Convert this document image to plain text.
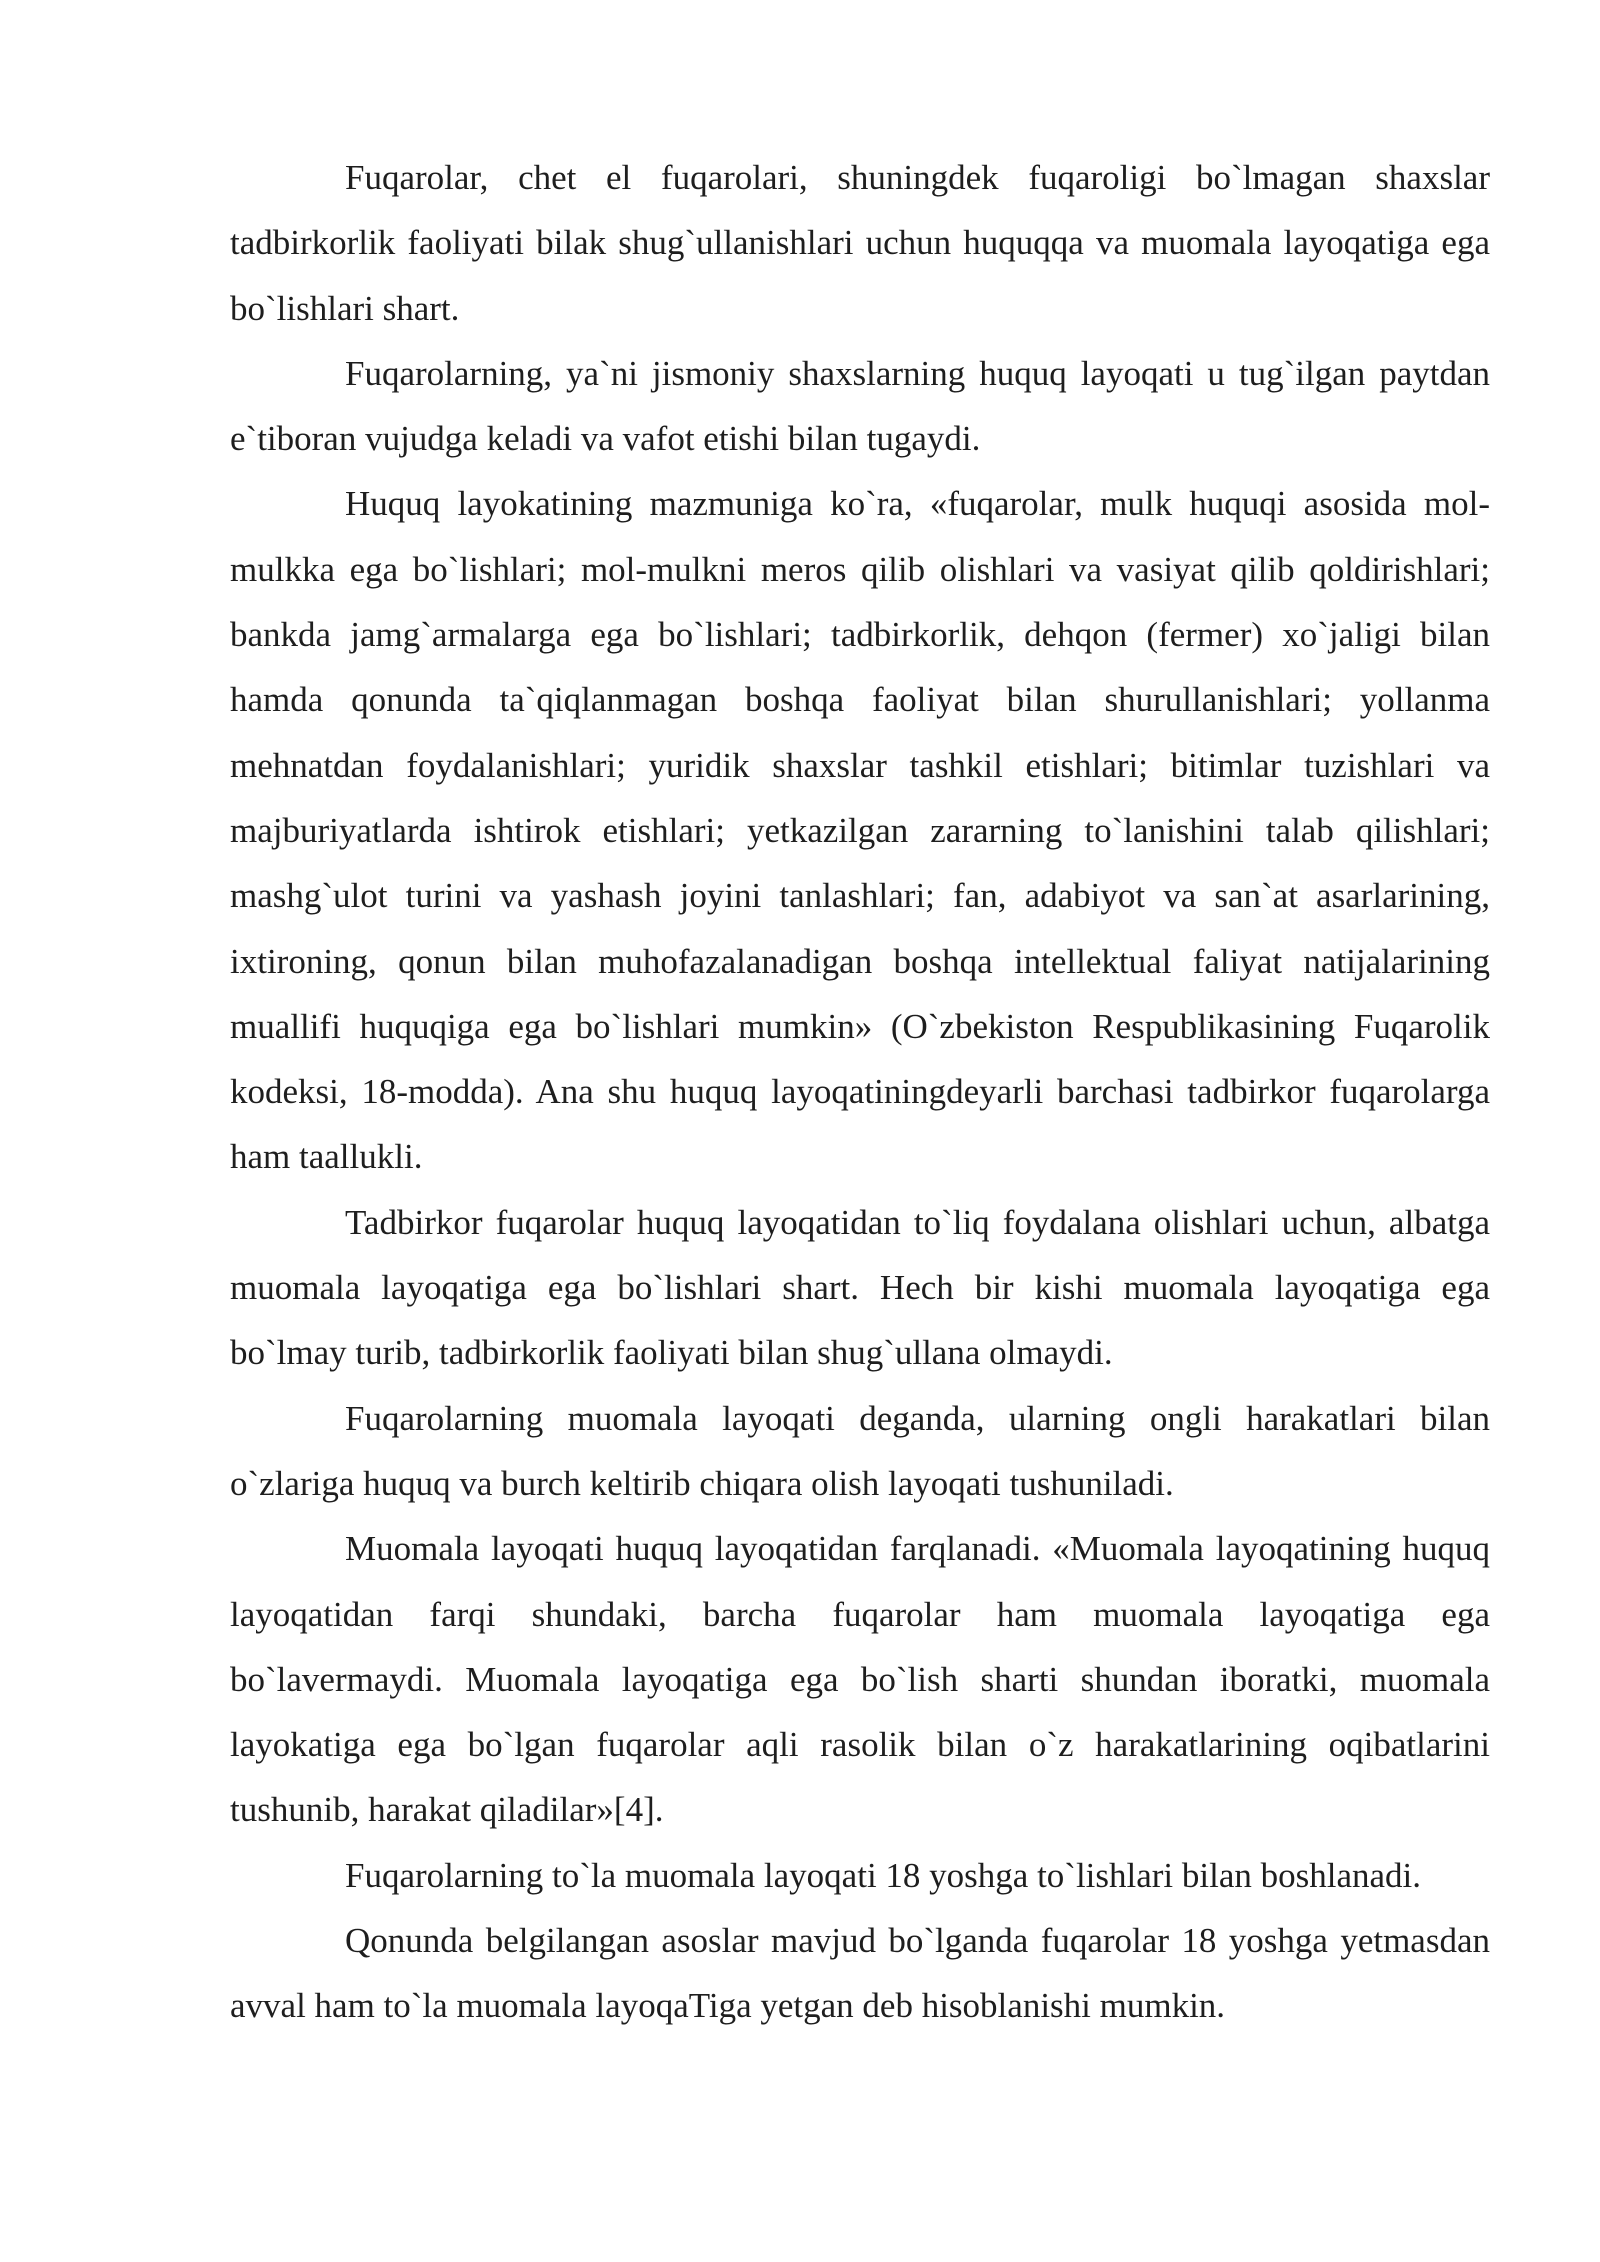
Fuqarolar, chet el fuqarolari, shuningdek fuqaroligi bo`lmagan shaxslar tadbirkorlik faoliyati bilak shug`ullanishlari uchun huquqqa va muomala layoqatiga ega bo`lishlari shart.

Fuqarolarning, ya`ni jismoniy shaxslarning huquq layoqati u tug`ilgan paytdan e`tiboran vujudga keladi va vafot etishi bilan tugaydi.

Huquq layokatining mazmuniga ko`ra, «fuqarolar, mulk huquqi asosida mol-mulkka ega bo`lishlari; mol-mulkni meros qilib olishlari va vasiyat qilib qoldirishlari; bankda jamg`armalarga ega bo`lishlari; tadbirkorlik, dehqon (fermer) xo`jaligi bilan hamda qonunda ta`qiqlanmagan boshqa faoliyat bilan shurullanishlari; yollanma mehnatdan foydalanishlari; yuridik shaxslar tashkil etishlari; bitimlar tuzishlari va majburiyatlarda ishtirok etishlari; yetkazilgan zararning to`lanishini talab qilishlari; mashg`ulot turini va yashash joyini tanlashlari; fan, adabiyot va san`at asarlarining, ixtironing, qonun bilan muhofazalanadigan boshqa intellektual faliyat natijalarining muallifi huquqiga ega bo`lishlari mumkin» (O`zbekiston Respublikasining Fuqarolik kodeksi, 18-modda). Ana shu huquq layoqatiningdeyarli barchasi tadbirkor fuqarolarga ham taallukli.

Tadbirkor fuqarolar huquq layoqatidan to`liq foydalana olishlari uchun, albatga muomala layoqatiga ega bo`lishlari shart. Hech bir kishi muomala layoqatiga ega bo`lmay turib, tadbirkorlik faoliyati bilan shug`ullana olmaydi.

Fuqarolarning muomala layoqati deganda, ularning ongli harakatlari bilan o`zlariga huquq va burch keltirib chiqara olish layoqati tushuniladi.

Muomala layoqati huquq layoqatidan farqlanadi. «Muomala layoqatining huquq layoqatidan farqi shundaki, barcha fuqarolar ham muomala layoqatiga ega bo`lavermaydi. Muomala layoqatiga ega bo`lish sharti shundan iboratki, muomala layokatiga ega bo`lgan fuqarolar aqli rasolik bilan o`z harakatlarining oqibatlarini tushunib, harakat qiladilar»[4].

Fuqarolarning to`la muomala layoqati 18 yoshga to`lishlari bilan boshlanadi.

Qonunda belgilangan asoslar mavjud bo`lganda fuqarolar 18 yoshga yetmasdan avval ham to`la muomala layoqaTiga yetgan deb hisoblanishi mumkin.
